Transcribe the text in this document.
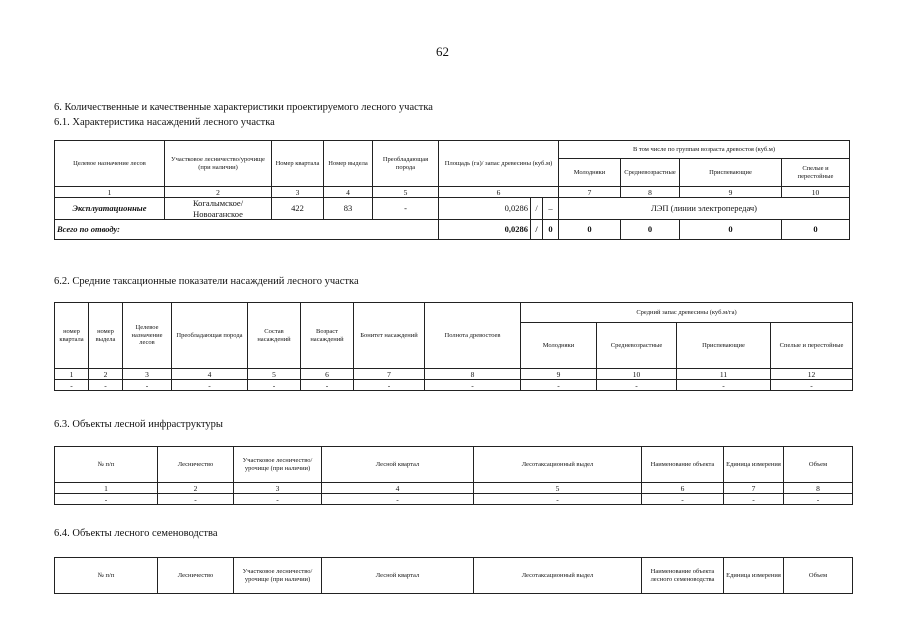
62
6. Количественные и качественные характеристики проектируемого лесного участка
6.1. Характеристика насаждений лесного участка
Целевое назначение лесов	Участковое лесничество/урочище (при наличии)	Номер квартала	Номер выдела	Преобладающая порода	Площадь (га)/ запас древесины (куб.м)			В том числе по группам возраста древостоя (куб.м)			
								Молодняки	Средневозрастные	Приспевающие	Спелые и перестойные
1	2	3	4	5	6			7	8	9	10
Эксплуатационные	Когалымское/ Новоаганское	422	83	-	0,0286	/	–	ЛЭП (линии электропередач)			
Всего по отводу:					0,0286	/	0	0	0	0	0
6.2. Средние таксационные показатели насаждений лесного участка
номер квартала	номер выдела	Целевое назначение лесов	Преобладающая порода	Состав насаждений	Возраст насаждений	Бонитет насаждений	Полнота древостоев	Средний запас древесины (куб.м/га)			
								Молодняки	Средневозрастные	Приспевающие	Спелые и перестойные
1	2	3	4	5	6	7	8	9	10	11	12
-	-	-	-	-	-	-	-	-	-	-	-
6.3. Объекты лесной инфраструктуры
№ п/п	Лесничество	Участковое лесничество/урочище (при наличии)	Лесной квартал	Лесотаксационный выдел	Наименование объекта	Единица измерения	Объем
1	2	3	4	5	6	7	8
-	-	-	-	-	-	-	-
6.4. Объекты лесного семеноводства
№ п/п	Лесничество	Участковое лесничество/урочище (при наличии)	Лесной квартал	Лесотаксационный выдел	Наименование объекта лесного семеноводства	Единица измерения	Объем
